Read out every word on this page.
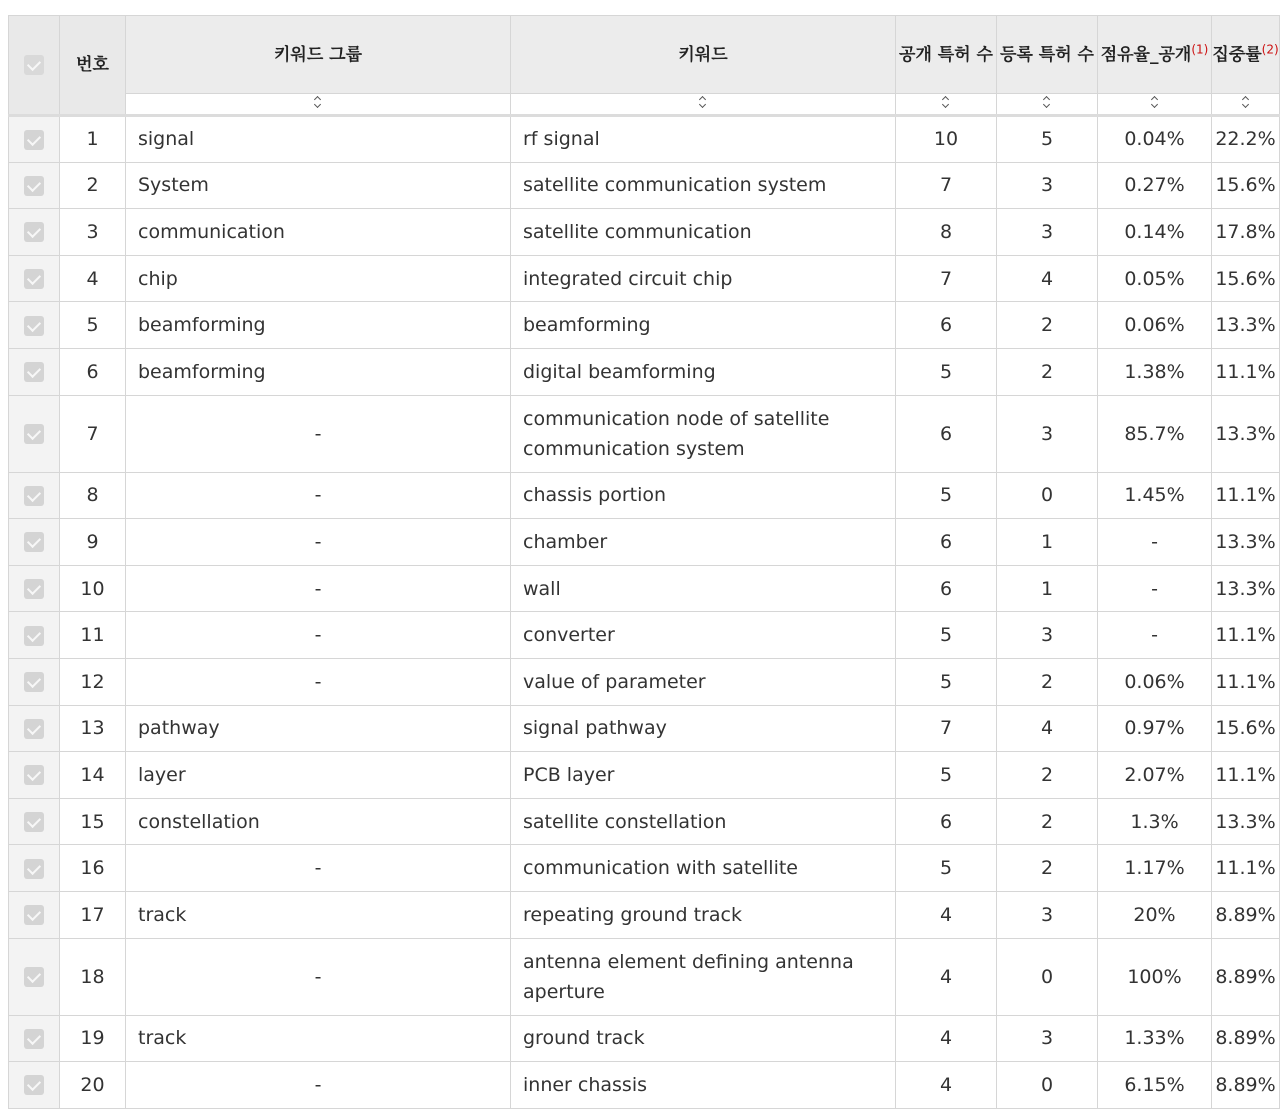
	번호	키워드 그룹	키워드	공개 특허 수	등록 특허 수	점유율_공개$^{(1)}$	집중률$^{(2)}$

	1	signal	rf signal	10	5	0.04%	22.2%
	2	System	satellite communication system	7	3	0.27%	15.6%
	3	communication	satellite communication	8	3	0.14%	17.8%
	4	chip	integrated circuit chip	7	4	0.05%	15.6%
	5	beamforming	beamforming	6	2	0.06%	13.3%
	6	beamforming	digital beamforming	5	2	1.38%	11.1%
	7	-	communication node of satellite communication system	6	3	85.7%	13.3%
	8	-	chassis portion	5	0	1.45%	11.1%
	9	-	chamber	6	1	-	13.3%
	10	-	wall	6	1	-	13.3%
	11	-	converter	5	3	-	11.1%
	12	-	value of parameter	5	2	0.06%	11.1%
	13	pathway	signal pathway	7	4	0.97%	15.6%
	14	layer	PCB layer	5	2	2.07%	11.1%
	15	constellation	satellite constellation	6	2	1.3%	13.3%
	16	-	communication with satellite	5	2	1.17%	11.1%
	17	track	repeating ground track	4	3	20%	8.89%
	18	-	antenna element defining antenna aperture	4	0	100%	8.89%
	19	track	ground track	4	3	1.33%	8.89%
	20	-	inner chassis	4	0	6.15%	8.89%
